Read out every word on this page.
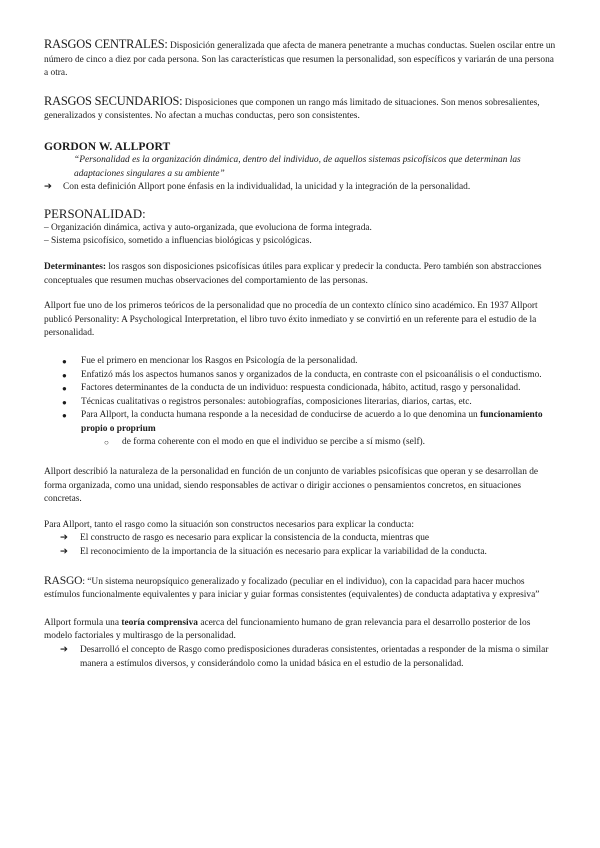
RASGOS CENTRALES: Disposición generalizada que afecta de manera penetrante a muchas conductas. Suelen oscilar entre un número de cinco a diez por cada persona. Son las características que resumen la personalidad, son específicos y variarán de una persona a otra.

RASGOS SECUNDARIOS: Disposiciones que componen un rango más limitado de situaciones. Son menos sobresalientes, generalizados y consistentes. No afectan a muchas conductas, pero son consistentes.

GORDON W. ALLPORT

“Personalidad es la organización dinámica, dentro del individuo, de aquellos sistemas psicofísicos que determinan las adaptaciones singulares a su ambiente”

➔	Con esta definición Allport pone énfasis en la individualidad, la unicidad y la integración de la personalidad.

PERSONALIDAD:

– Organización dinámica, activa y auto-organizada, que evoluciona de forma integrada.

– Sistema psicofísico, sometido a influencias biológicas y psicológicas.

Determinantes: los rasgos son disposiciones psicofísicas útiles para explicar y predecir la conducta. Pero también son abstracciones conceptuales que resumen muchas observaciones del comportamiento de las personas.

Allport fue uno de los primeros teóricos de la personalidad que no procedía de un contexto clínico sino académico. En 1937 Allport publicó Personality: A Psychological Interpretation, el libro tuvo éxito inmediato y se convirtió en un referente para el estudio de la personalidad.

●	Fue el primero en mencionar los Rasgos en Psicología de la personalidad.
●	Enfatizó más los aspectos humanos sanos y organizados de la conducta, en contraste con el psicoanálisis o el conductismo.
●	Factores determinantes de la conducta de un individuo: respuesta condicionada, hábito, actitud, rasgo y personalidad.
●	Técnicas cualitativas o registros personales: autobiografías, composiciones literarias, diarios, cartas, etc.
●	Para Allport, la conducta humana responde a la necesidad de conducirse de acuerdo a lo que denomina un funcionamiento propio o proprium
○	de forma coherente con el modo en que el individuo se percibe a sí mismo (self).

Allport describió la naturaleza de la personalidad en función de un conjunto de variables psicofísicas que operan y se desarrollan de forma organizada, como una unidad, siendo responsables de activar o dirigir acciones o pensamientos concretos, en situaciones concretas.

Para Allport, tanto el rasgo como la situación son constructos necesarios para explicar la conducta:

➔	El constructo de rasgo es necesario para explicar la consistencia de la conducta, mientras que
➔	El reconocimiento de la importancia de la situación es necesario para explicar la variabilidad de la conducta.

RASGO: “Un sistema neuropsíquico generalizado y focalizado (peculiar en el individuo), con la capacidad para hacer muchos estímulos funcionalmente equivalentes y para iniciar y guiar formas consistentes (equivalentes) de conducta adaptativa y expresiva”

Allport formula una teoría comprensiva acerca del funcionamiento humano de gran relevancia para el desarrollo posterior de los modelo factoriales y multirasgo de la personalidad.

➔	Desarrolló el concepto de Rasgo como predisposiciones duraderas consistentes, orientadas a responder de la misma o similar manera a estímulos diversos, y considerándolo como la unidad básica en el estudio de la personalidad.
